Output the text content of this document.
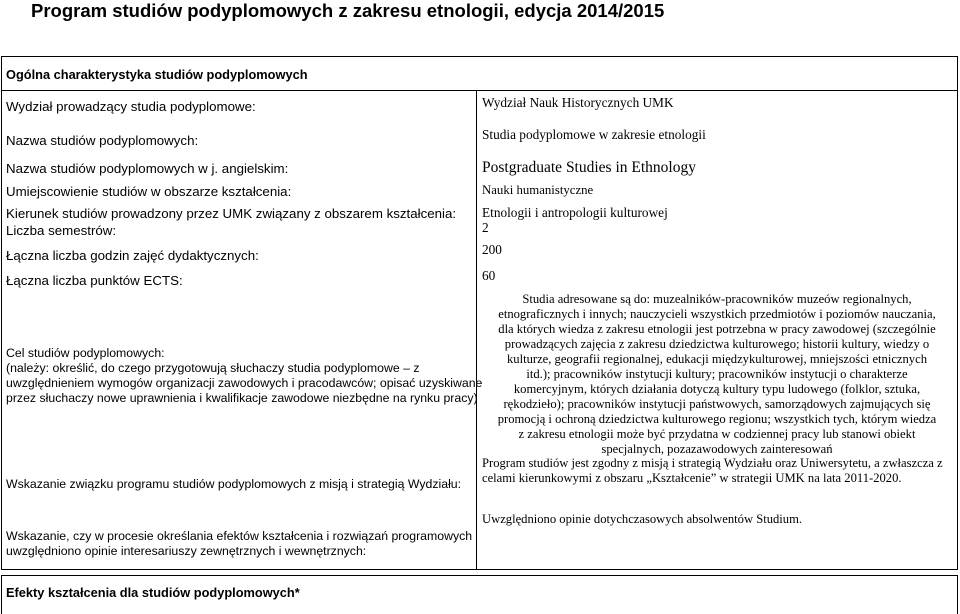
Program studiów podyplomowych z zakresu etnologii, edycja 2014/2015
Ogólna charakterystyka studiów podyplomowych
Wydział prowadzący studia podyplomowe:
Nazwa studiów podyplomowych:
Nazwa studiów podyplomowych w j. angielskim:
Umiejscowienie studiów w obszarze kształcenia:
Kierunek studiów prowadzony przez UMK związany z obszarem kształcenia:
Liczba semestrów:
Łączna liczba godzin zajęć dydaktycznych:
Łączna liczba punktów ECTS:
Cel studiów podyplomowych:
(należy: określić, do czego przygotowują słuchaczy studia podyplomowe – z
uwzględnieniem wymogów organizacji zawodowych i pracodawców; opisać uzyskiwane
przez słuchaczy nowe uprawnienia i kwalifikacje zawodowe niezbędne na rynku pracy)
Wskazanie związku programu studiów podyplomowych z misją i strategią Wydziału:
Wskazanie, czy w procesie określania efektów kształcenia i rozwiązań programowych
uwzględniono opinie interesariuszy zewnętrznych i wewnętrznych:
Wydział Nauk Historycznych UMK
Studia podyplomowe w zakresie etnologii
Postgraduate Studies in Ethnology
Nauki humanistyczne
Etnologii i antropologii kulturowej
2
200
60
Studia adresowane są do: muzealników-pracowników muzeów regionalnych,
etnograficznych i innych; nauczycieli wszystkich przedmiotów i poziomów nauczania,
dla których wiedza z zakresu etnologii jest potrzebna w pracy zawodowej (szczególnie
prowadzących zajęcia z zakresu dziedzictwa kulturowego; historii kultury, wiedzy o
kulturze, geografii regionalnej, edukacji międzykulturowej, mniejszości etnicznych
itd.); pracowników instytucji kultury; pracowników instytucji o charakterze
komercyjnym, których działania dotyczą kultury typu ludowego (folklor, sztuka,
rękodzieło); pracowników instytucji państwowych, samorządowych zajmujących się
promocją i ochroną dziedzictwa kulturowego regionu; wszystkich tych, którym wiedza
z zakresu etnologii może być przydatna w codziennej pracy lub stanowi obiekt
specjalnych, pozazawodowych zainteresowań
Program studiów jest zgodny z misją i strategią Wydziału oraz Uniwersytetu, a zwłaszcza z
celami kierunkowymi z obszaru „Kształcenie” w strategii UMK na lata 2011-2020.
Uwzględniono opinie dotychczasowych absolwentów Studium.
Efekty kształcenia dla studiów podyplomowych*
